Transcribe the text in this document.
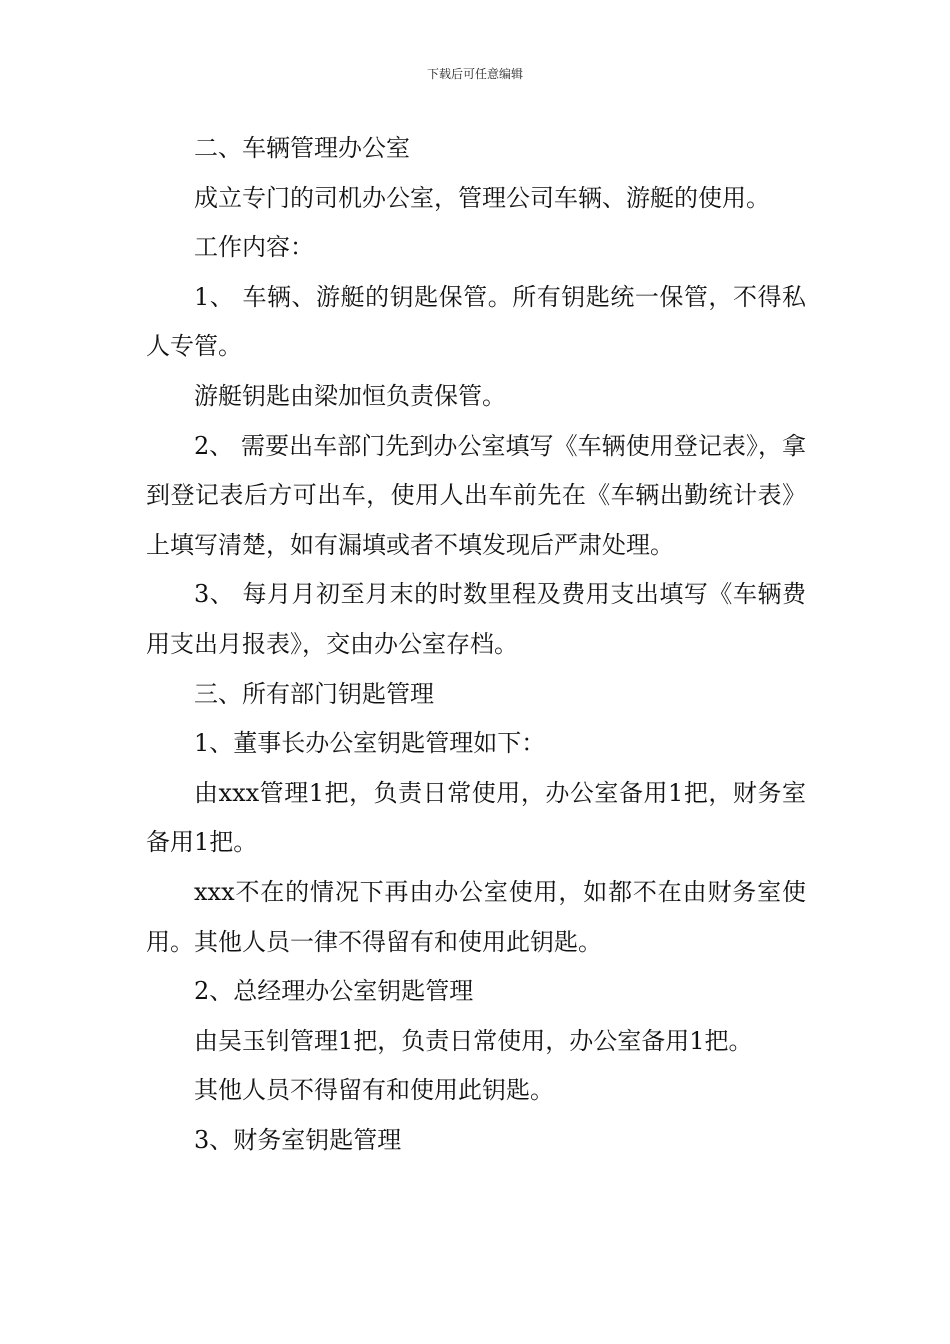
下载后可任意编辑

二、车辆管理办公室

成立专门的司机办公室，管理公司车辆、游艇的使用。

工作内容：

1、 车辆、游艇的钥匙保管。所有钥匙统一保管，不得私人专管。

游艇钥匙由梁加恒负责保管。

2、 需要出车部门先到办公室填写《车辆使用登记表》，拿到登记表后方可出车，使用人出车前先在《车辆出勤统计表》上填写清楚，如有漏填或者不填发现后严肃处理。

3、 每月月初至月末的时数里程及费用支出填写《车辆费用支出月报表》，交由办公室存档。

三、所有部门钥匙管理

1、董事长办公室钥匙管理如下：

由xxx管理1把，负责日常使用，办公室备用1把，财务室备用1把。

xxx不在的情况下再由办公室使用，如都不在由财务室使用。其他人员一律不得留有和使用此钥匙。

2、总经理办公室钥匙管理

由吴玉钊管理1把，负责日常使用，办公室备用1把。

其他人员不得留有和使用此钥匙。

3、财务室钥匙管理
